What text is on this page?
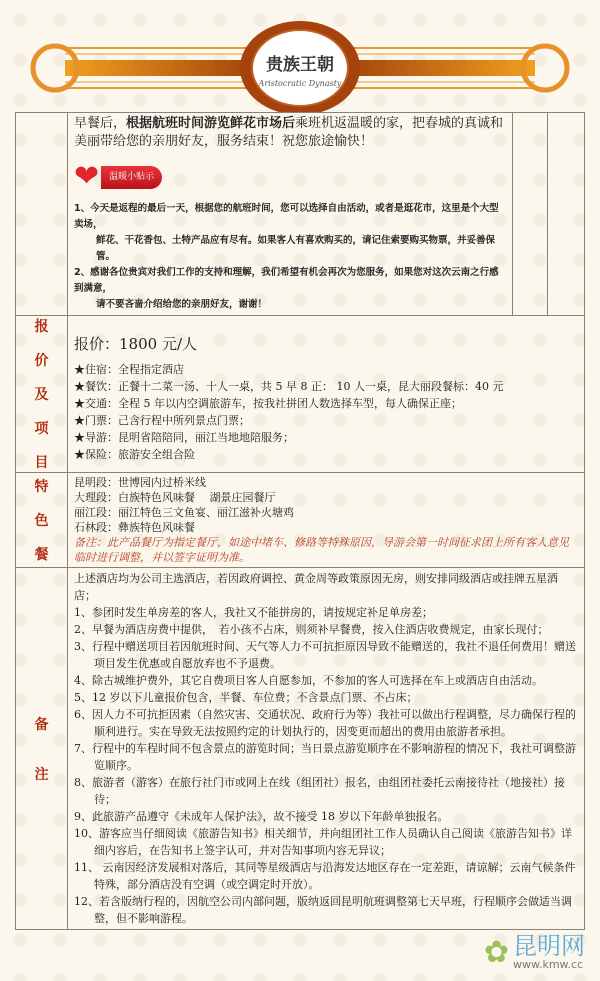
贵族王朝
Aristocratic Dynasty
早餐后，根据航班时间游览鲜花市场后乘班机返温暖的家，把春城的真诚和美丽带给您的亲朋好友，服务结束！祝您旅途愉快！
❤	温暖小贴示
1、今天是返程的最后一天，根据您的航班时间，您可以选择自由活动，或者是逛花市，这里是个大型卖场，
鲜花、干花香包、土特产品应有尽有。如果客人有喜欢购买的，请记住索要购买物票，并妥善保管。
2、感谢各位贵宾对我们工作的支持和理解，我们希望有机会再次为您服务，如果您对这次云南之行感到满意，
请不要吝啬介绍给您的亲朋好友，谢谢！
报
价
及
项
目
报价：1800 元/人
★住宿：全程指定酒店
★餐饮：正餐十二菜一汤、十人一桌，共 5 早 8 正： 10 人一桌，昆大丽段餐标：40 元
★交通：全程 5 年以内空调旅游车，按我社拼团人数选择车型，每人确保正座；
★门票：己含行程中所列景点门票；
★导游：昆明省陪陪同，丽江当地地陪服务；
★保险：旅游安全组合险
特
色
餐
昆明段：世博园内过桥米线
大理段：白族特色风味餐　 湖景庄园餐厅
丽江段：丽江特色三文鱼宴、丽江滋补火塘鸡
石林段：彝族特色风味餐
备注：此产品餐厅为指定餐厅，如途中堵车、修路等特殊原因，导游会第一时间征求团上所有客人意见临时进行调整，并以签字证明为准。
备
注
上述酒店均为公司主选酒店，若因政府调控、黄金周等政策原因无房，则安排同级酒店或挂牌五星酒店；
1、参团时发生单房差的客人，我社又不能拼房的，请按规定补足单房差；
2、早餐为酒店房费中提供，　若小孩不占床，则须补早餐费，按入住酒店收费规定，由家长现付；
3、行程中赠送项目若因航班时间、天气等人力不可抗拒原因导致不能赠送的，我社不退任何费用！赠送项目发生优惠或自愿放弃也不予退费。
4、除古城维护费外，其它自费项目客人自愿参加，不参加的客人可选择在车上或酒店自由活动。
5、12 岁以下儿童报价包含，半餐、车位费；不含景点门票、不占床；
6、因人力不可抗拒因素（自然灾害、交通状况、政府行为等）我社可以做出行程调整，尽力确保行程的顺利进行。实在导致无法按照约定的计划执行的，因变更而超出的费用由旅游者承担。
7、行程中的车程时间不包含景点的游览时间；当日景点游览顺序在不影响游程的情况下，我社可调整游览顺序。
8、旅游者（游客）在旅行社门市或网上在线（组团社）报名，由组团社委托云南接待社（地接社）接 待；
9、此旅游产品遵守《未成年人保护法》，故不接受 18 岁以下年龄单独报名。
10、游客应当仔细阅读《旅游告知书》相关细节，并向组团社工作人员确认自己阅读《旅游告知书》详细内容后，在告知书上签字认可，并对告知事项内容无异议；
11、 云南因经济发展相对落后，其同等星级酒店与沿海发达地区存在一定差距，请谅解；云南气候条件特殊，部分酒店没有空调（或空调定时开放）。
12、若含版纳行程的，因航空公司内部问题，版纳返回昆明航班调整第七天早班，行程顺序会做适当调整，但不影响游程。
✿ 昆明网
www.kmw.cc
